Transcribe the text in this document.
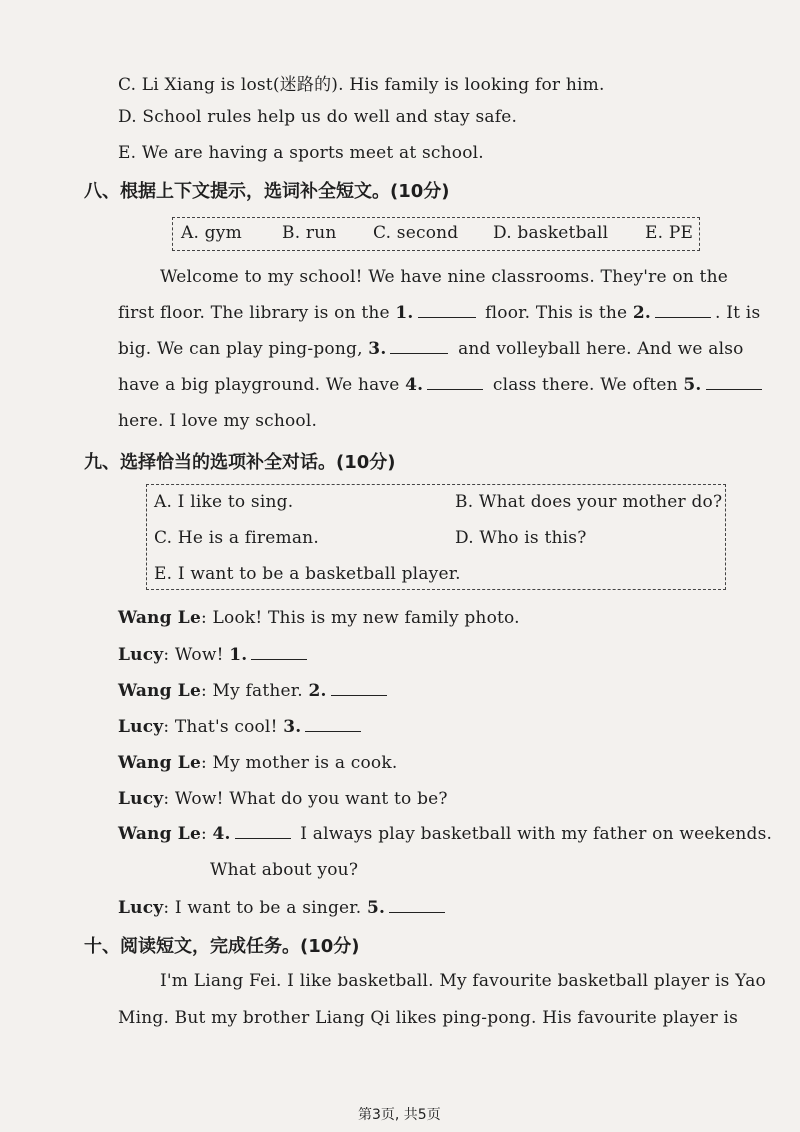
C. Li Xiang is lost(迷路的). His family is looking for him.
D. School rules help us do well and stay safe.
E. We are having a sports meet at school.
八、根据上下文提示，选词补全短文。(10分)
A. gym B. run C. second D. basketball E. PE
Welcome to my school! We have nine classrooms. They're on the
first floor. The library is on the 1.	floor. This is the 2.	. It is
big. We can play ping-pong, 3.	and volleyball here. And we also
have a big playground. We have 4.	class there. We often 5.
here. I love my school.
九、选择恰当的选项补全对话。(10分)
A. I like to sing.	B. What does your mother do?
C. He is a fireman.	D. Who is this?
E. I want to be a basketball player.
Wang Le: Look! This is my new family photo.
Lucy: Wow! 1.
Wang Le: My father. 2.
Lucy: That's cool! 3.
Wang Le: My mother is a cook.
Lucy: Wow! What do you want to be?
Wang Le: 4.	I always play basketball with my father on weekends.
What about you?
Lucy: I want to be a singer. 5.
十、阅读短文，完成任务。(10分)
I'm Liang Fei. I like basketball. My favourite basketball player is Yao
Ming. But my brother Liang Qi likes ping-pong. His favourite player is
第3页, 共5页
